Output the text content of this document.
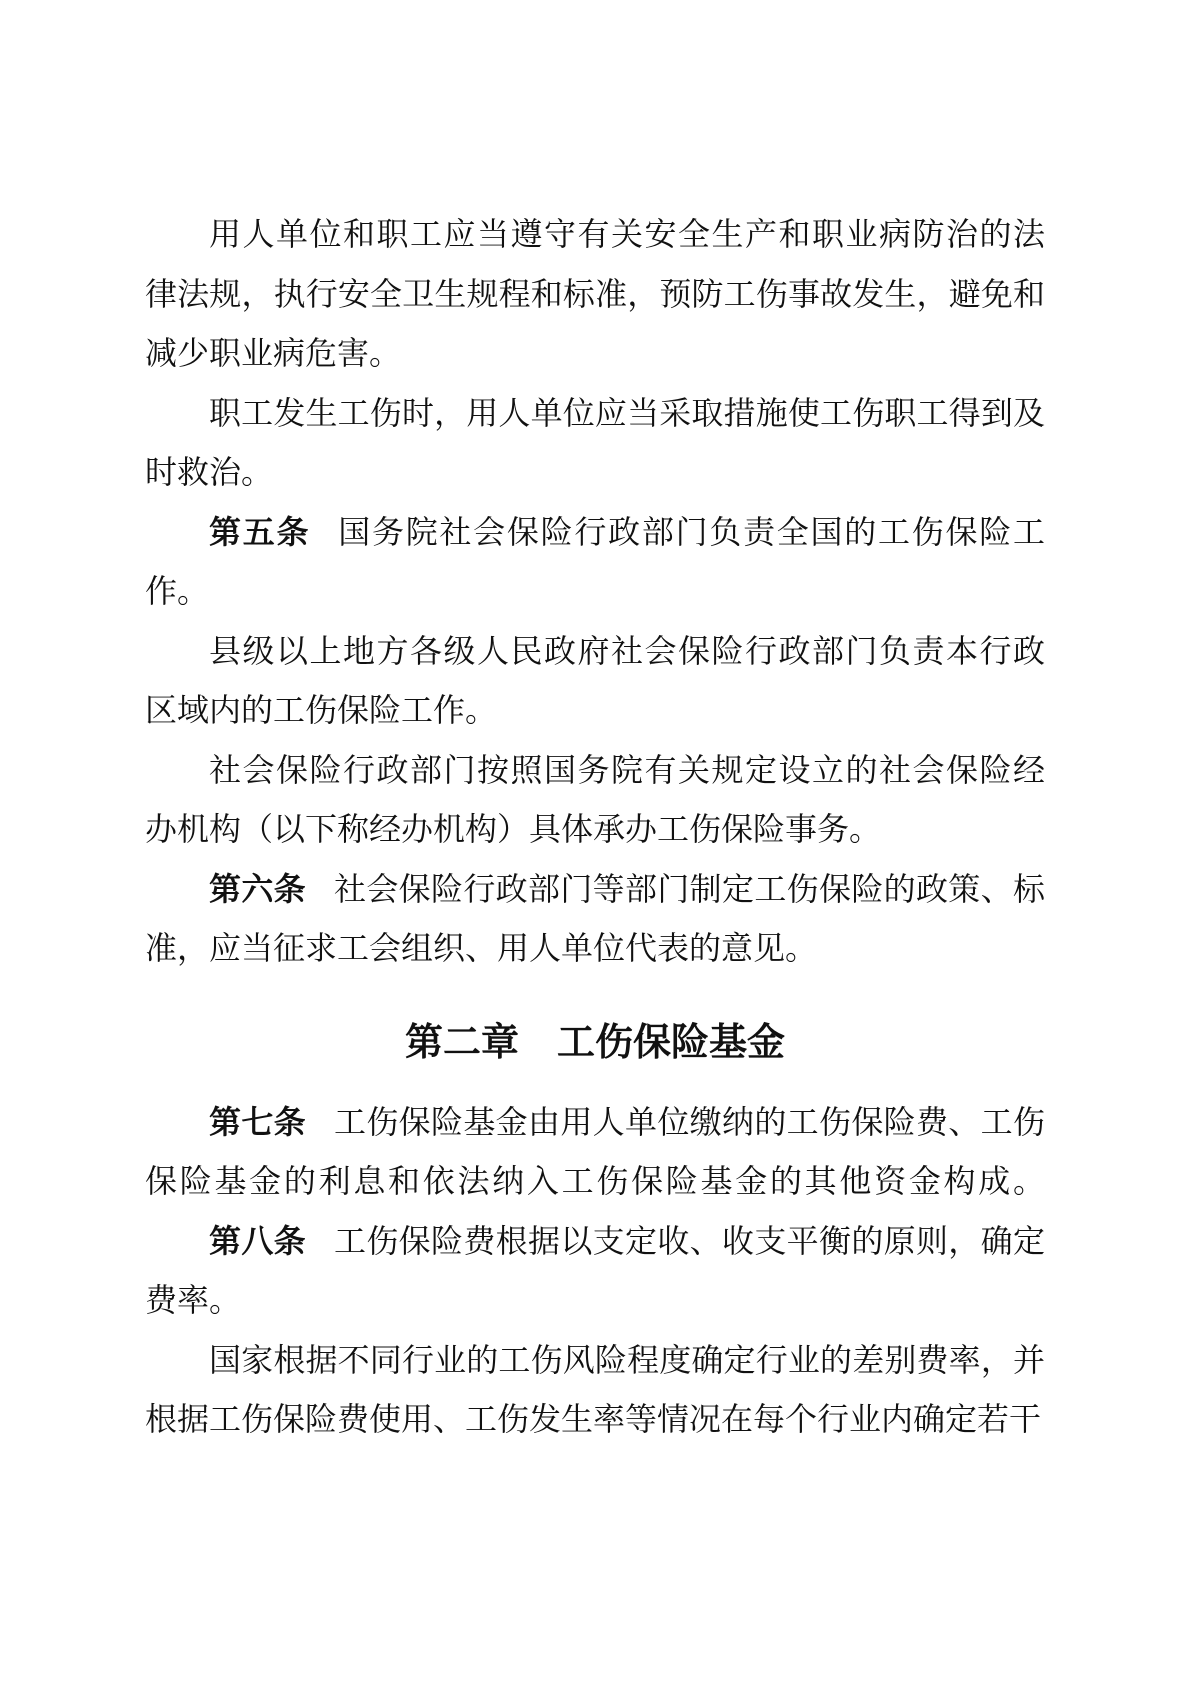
用人单位和职工应当遵守有关安全生产和职业病防治的法
律法规，执行安全卫生规程和标准，预防工伤事故发生，避免和
减少职业病危害。
职工发生工伤时，用人单位应当采取措施使工伤职工得到及
时救治。
第五条 国务院社会保险行政部门负责全国的工伤保险工
作。
县级以上地方各级人民政府社会保险行政部门负责本行政
区域内的工伤保险工作。
社会保险行政部门按照国务院有关规定设立的社会保险经
办机构（以下称经办机构）具体承办工伤保险事务。
第六条 社会保险行政部门等部门制定工伤保险的政策、标
准，应当征求工会组织、用人单位代表的意见。
第二章　工伤保险基金
第七条 工伤保险基金由用人单位缴纳的工伤保险费、工伤
保险基金的利息和依法纳入工伤保险基金的其他资金构成。
第八条 工伤保险费根据以支定收、收支平衡的原则，确定
费率。
国家根据不同行业的工伤风险程度确定行业的差别费率，并
根据工伤保险费使用、工伤发生率等情况在每个行业内确定若干
